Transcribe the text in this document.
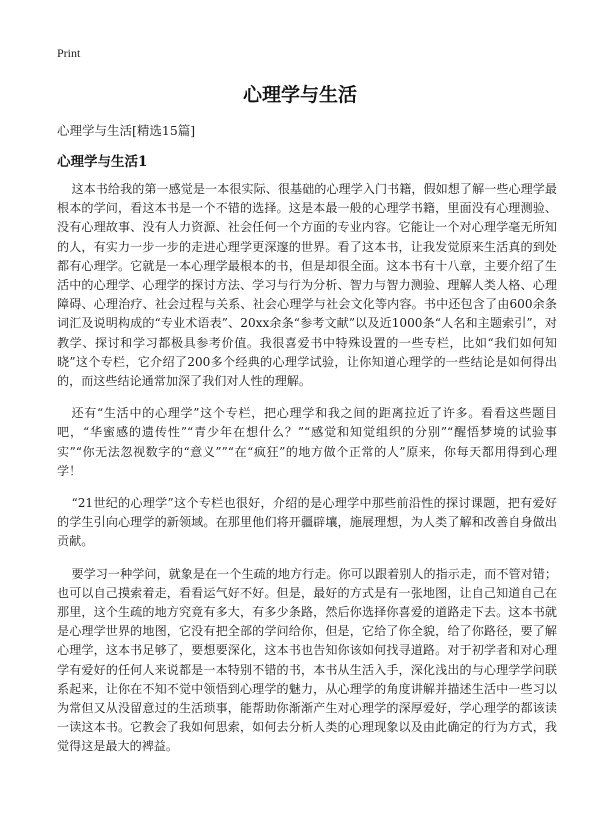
Print
心理学与生活

心理学与生活[精选15篇]

心理学与生活1

这本书给我的第一感觉是一本很实际、很基础的心理学入门书籍，假如想了解一些心理学最根本的学问，看这本书是一个不错的选择。这是本最一般的心理学书籍，里面没有心理测验、没有心理故事、没有人力资源、社会任何一个方面的专业内容。它能让一个对心理学毫无所知的人，有实力一步一步的走进心理学更深邃的世界。看了这本书，让我发觉原来生活真的到处都有心理学。它就是一本心理学最根本的书，但是却很全面。这本书有十八章，主要介绍了生活中的心理学、心理学的探讨方法、学习与行为分析、智力与智力测验、理解人类人格、心理障碍、心理治疗、社会过程与关系、社会心理学与社会文化等内容。书中还包含了由600余条词汇及说明构成的“专业术语表”、20xx余条“参考文献”以及近1000条“人名和主题索引”，对教学、探讨和学习都极具参考价值。我很喜爱书中特殊设置的一些专栏，比如“我们如何知晓”这个专栏，它介绍了200多个经典的心理学试验，让你知道心理学的一些结论是如何得出的，而这些结论通常加深了我们对人性的理解。

还有“生活中的心理学”这个专栏，把心理学和我之间的距离拉近了许多。看看这些题目吧，“华蜜感的遗传性”“青少年在想什么？”“感觉和知觉组织的分别”“醒悟梦境的试验事实”“你无法忽视数字的“意义””“在“疯狂”的地方做个正常的人”原来，你每天都用得到心理学！

“21世纪的心理学”这个专栏也很好，介绍的是心理学中那些前沿性的探讨课题，把有爱好的学生引向心理学的新领域。在那里他们将开疆辟壤，施展理想，为人类了解和改善自身做出贡献。

要学习一种学问，就象是在一个生疏的地方行走。你可以跟着别人的指示走，而不管对错；也可以自己摸索着走，看看运气好不好。但是，最好的方式是有一张地图，让自己知道自己在那里，这个生疏的地方究竟有多大，有多少条路，然后你选择你喜爱的道路走下去。这本书就是心理学世界的地图，它没有把全部的学问给你，但是，它给了你全貌，给了你路径，要了解心理学，这本书足够了，要想要深化，这本书也告知你该如何找寻道路。对于初学者和对心理学有爱好的任何人来说都是一本特别不错的书，本书从生活入手，深化浅出的与心理学学问联系起来，让你在不知不觉中领悟到心理学的魅力，从心理学的角度讲解并描述生活中一些习以为常但又从没留意过的生活琐事，能帮助你渐渐产生对心理学的深厚爱好，学心理学的都该读一读这本书。它教会了我如何思索，如何去分析人类的心理现象以及由此确定的行为方式，我觉得这是最大的裨益。
